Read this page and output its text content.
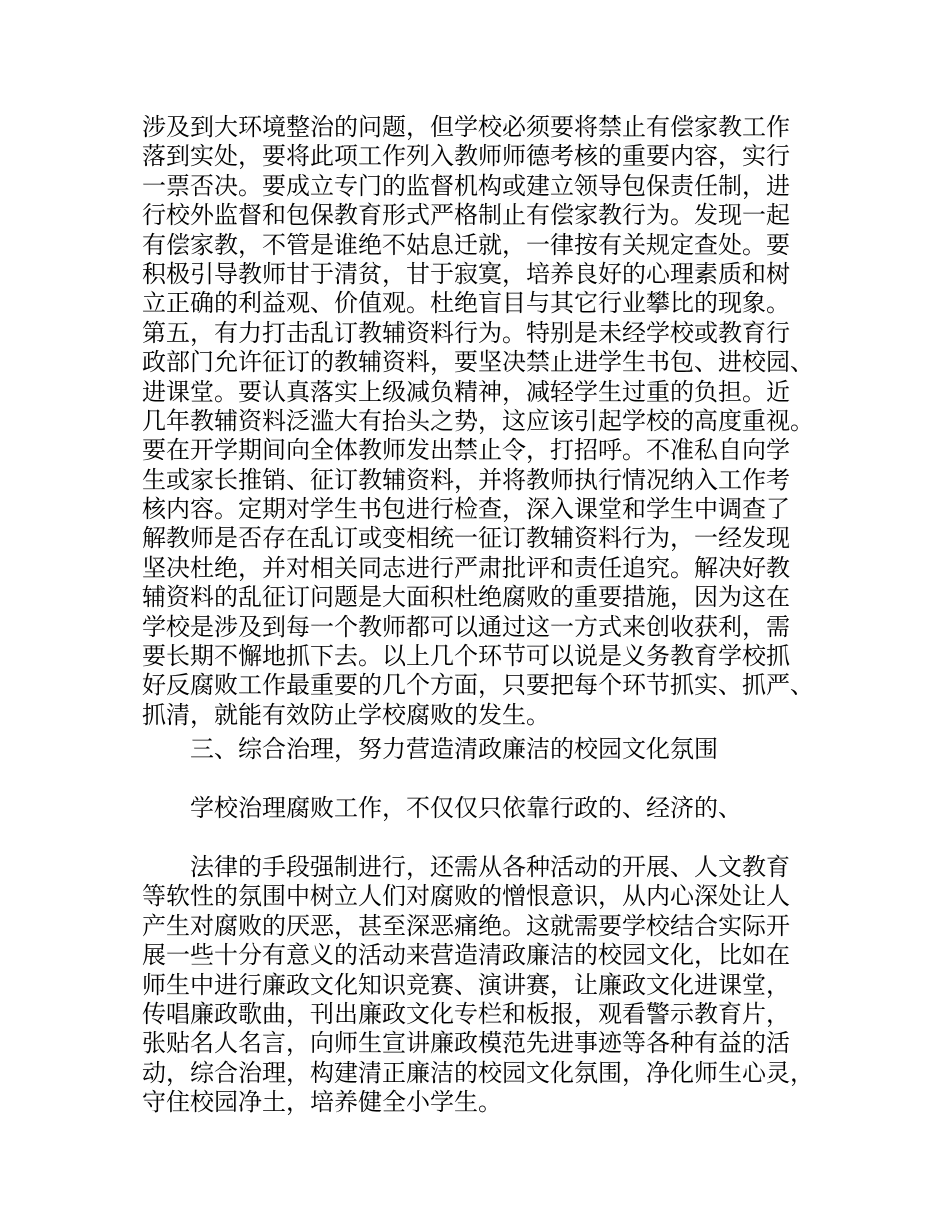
涉及到大环境整治的问题，但学校必须要将禁止有偿家教工作
落到实处，要将此项工作列入教师师德考核的重要内容，实行
一票否决。要成立专门的监督机构或建立领导包保责任制，进
行校外监督和包保教育形式严格制止有偿家教行为。发现一起
有偿家教，不管是谁绝不姑息迁就，一律按有关规定查处。要
积极引导教师甘于清贫，甘于寂寞，培养良好的心理素质和树
立正确的利益观、价值观。杜绝盲目与其它行业攀比的现象。
第五，有力打击乱订教辅资料行为。特别是未经学校或教育行
政部门允许征订的教辅资料，要坚决禁止进学生书包、进校园、
进课堂。要认真落实上级减负精神，减轻学生过重的负担。近
几年教辅资料泛滥大有抬头之势，这应该引起学校的高度重视。
要在开学期间向全体教师发出禁止令，打招呼。不准私自向学
生或家长推销、征订教辅资料，并将教师执行情况纳入工作考
核内容。定期对学生书包进行检查，深入课堂和学生中调查了
解教师是否存在乱订或变相统一征订教辅资料行为，一经发现
坚决杜绝，并对相关同志进行严肃批评和责任追究。解决好教
辅资料的乱征订问题是大面积杜绝腐败的重要措施，因为这在
学校是涉及到每一个教师都可以通过这一方式来创收获利，需
要长期不懈地抓下去。以上几个环节可以说是义务教育学校抓
好反腐败工作最重要的几个方面，只要把每个环节抓实、抓严、
抓清，就能有效防止学校腐败的发生。
三、综合治理，努力营造清政廉洁的校园文化氛围
学校治理腐败工作，不仅仅只依靠行政的、经济的、
法律的手段强制进行，还需从各种活动的开展、人文教育
等软性的氛围中树立人们对腐败的憎恨意识，从内心深处让人
产生对腐败的厌恶，甚至深恶痛绝。这就需要学校结合实际开
展一些十分有意义的活动来营造清政廉洁的校园文化，比如在
师生中进行廉政文化知识竞赛、演讲赛，让廉政文化进课堂，
传唱廉政歌曲，刊出廉政文化专栏和板报，观看警示教育片，
张贴名人名言，向师生宣讲廉政模范先进事迹等各种有益的活
动，综合治理，构建清正廉洁的校园文化氛围，净化师生心灵，
守住校园净土，培养健全小学生。
